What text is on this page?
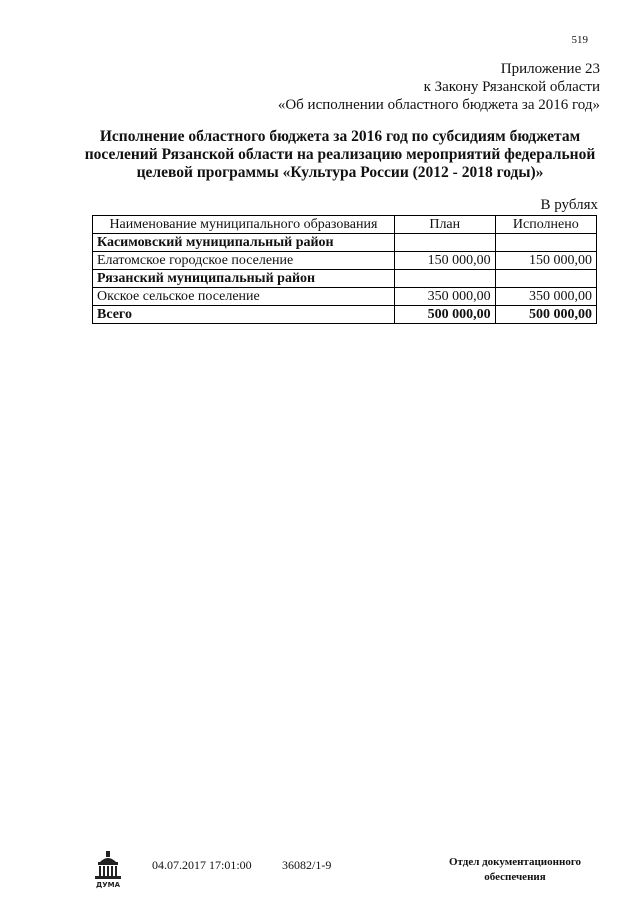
519
Приложение 23
к Закону Рязанской области
«Об исполнении областного бюджета за 2016 год»
Исполнение областного бюджета за 2016 год по субсидиям бюджетам
поселений Рязанской области на реализацию мероприятий федеральной
целевой программы «Культура России (2012 - 2018 годы)»
В рублях
Наименование муниципального образования	План	Исполнено
Касимовский муниципальный район		
Елатомское городское поселение	150 000,00	150 000,00
Рязанский муниципальный район		
Окское сельское поселение	350 000,00	350 000,00
Всего	500 000,00	500 000,00
ДУМА
04.07.2017 17:01:00	36082/1-9	Отдел документационного
обеспечения
